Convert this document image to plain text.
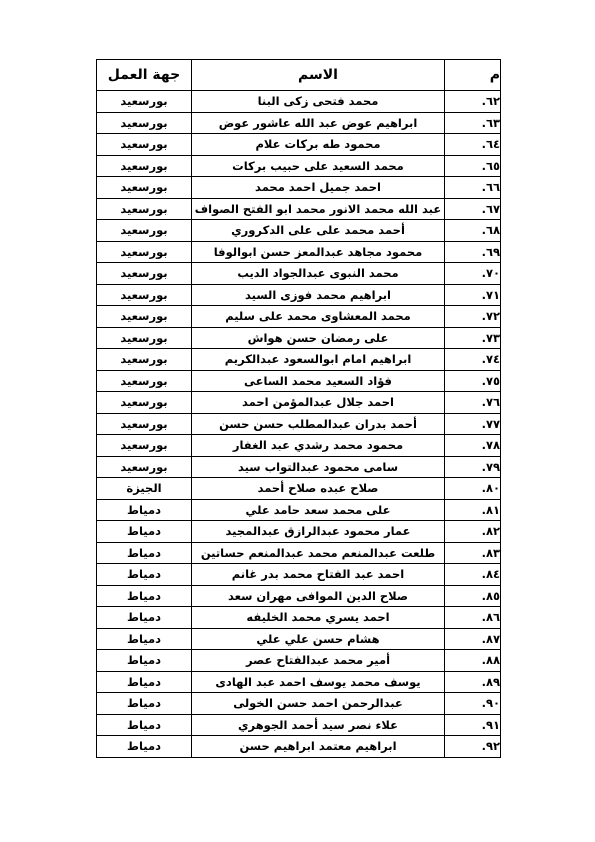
م	الاسم	جهة العمل
٦٢.	محمد فتحى زكى البنا	بورسعيد
٦٣.	ابراهيم عوض عبد الله عاشور عوض	بورسعيد
٦٤.	محمود طه بركات علام	بورسعيد
٦٥.	محمد السعيد على حبيب بركات	بورسعيد
٦٦.	احمد جميل احمد محمد	بورسعيد
٦٧.	عبد الله محمد الانور محمد ابو الفتح الصواف	بورسعيد
٦٨.	أحمد محمد على على الدكروري	بورسعيد
٦٩.	محمود مجاهد عبدالمعز حسن ابوالوفا	بورسعيد
٧٠.	محمد النبوى عبدالجواد الديب	بورسعيد
٧١.	ابراهيم محمد فوزى السيد	بورسعيد
٧٢.	محمد المعشاوى محمد على سليم	بورسعيد
٧٣.	على رمضان حسن هواش	بورسعيد
٧٤.	ابراهيم امام ابوالسعود عبدالكريم	بورسعيد
٧٥.	فؤاد السعيد محمد الساعى	بورسعيد
٧٦.	احمد جلال عبدالمؤمن احمد	بورسعيد
٧٧.	أحمد بدران عبدالمطلب حسن حسن	بورسعيد
٧٨.	محمود محمد رشدي عبد الغفار	بورسعيد
٧٩.	سامى محمود عبدالتواب سيد	بورسعيد
٨٠.	صلاح عبده صلاح أحمد	الجيزة
٨١.	على محمد سعد حامد علي	دمياط
٨٢.	عمار محمود عبدالرازق عبدالمجيد	دمياط
٨٣.	طلعت عبدالمنعم محمد عبدالمنعم حساتين	دمياط
٨٤.	احمد عبد الفتاح محمد بدر غانم	دمياط
٨٥.	صلاح الدين الموافى مهران سعد	دمياط
٨٦.	احمد يسري محمد الخليفه	دمياط
٨٧.	هشام حسن علي علي	دمياط
٨٨.	أمير محمد عبدالفتاح عصر	دمياط
٨٩.	يوسف محمد يوسف احمد عبد الهادى	دمياط
٩٠.	عبدالرحمن احمد حسن الخولى	دمياط
٩١.	علاء نصر سيد أحمد الجوهري	دمياط
٩٢.	ابراهيم معتمد ابراهيم حسن	دمياط
